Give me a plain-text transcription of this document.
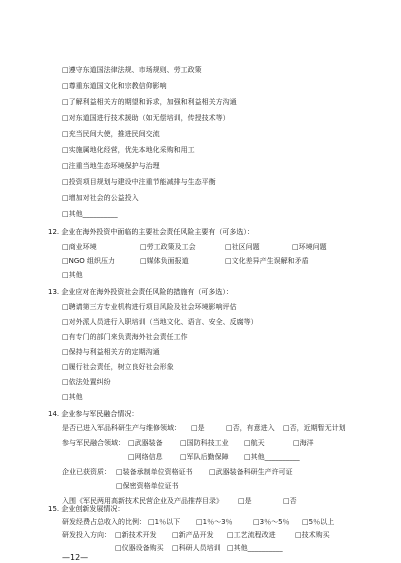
□遵守东道国法律法规、市场规则、劳工政策
□尊重东道国文化和宗教信仰影响
□了解利益相关方的期望和诉求，加强和利益相关方沟通
□对东道国进行技术援助（如无偿培训，传授技术等）
□充当民间大使，推进民间交流
□实施属地化经营，优先本地化采购和用工
□注重当地生态环境保护与治理
□投资项目规划与建设中注重节能减排与生态平衡
□增加对社会的公益投入
□其他__________
12. 企业在海外投资中面临的主要社会责任风险主要有（可多选）：
□商业环境	□劳工政策及工会	□社区问题	□环境问题
□NGO 组织压力	□媒体负面报道	□文化差异产生误解和矛盾
□其他
13. 企业应对在海外投资社会责任风险的措施有（可多选）：
□聘请第三方专业机构进行项目风险及社会环境影响评估
□对外派人员进行入职培训（当地文化、语言、安全、反腐等）
□有专门的部门来负责海外社会责任工作
□保持与利益相关方的定期沟通
□履行社会责任，树立良好社会形象
□依法处置纠纷
□其他
14. 企业参与军民融合情况：
是否已进入军品科研生产与维修领域： □是	□否，有意进入 □否，近期暂无计划
参与军民融合领域： □武器装备 □国防科技工业 □航天	□海洋
□网络信息 □军队后勤保障 □其他__________
企业已获资质： □装备承制单位资格证书 □武器装备科研生产许可证
□保密资格单位证书
入围《军民两用高新技术民营企业及产品推荐目录》 □是	□否
15. 企业创新发展情况：
研发经费占总收入的比例： □1％以下 □1％～3％	□3％～5％ □5％以上
研发投入方向： □新技术开发 □新产品开发 □工艺流程改进	□技术购买
□仪器设备购买 □科研人员培训 □其他__________
—12—
